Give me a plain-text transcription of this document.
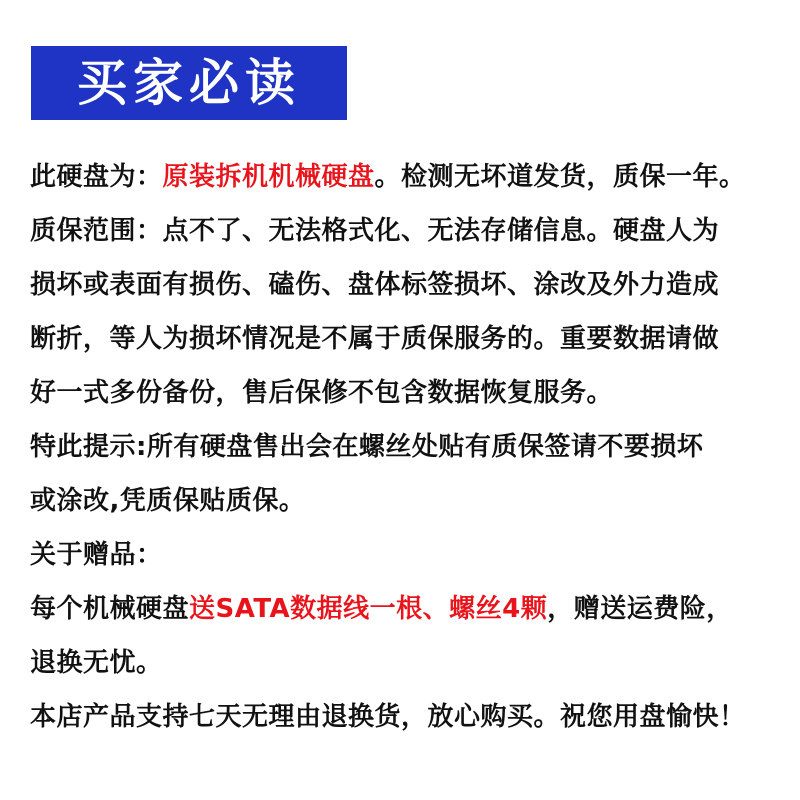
买家必读
此硬盘为：原装拆机机械硬盘。检测无坏道发货，质保一年。
质保范围：点不了、无法格式化、无法存储信息。硬盘人为
损坏或表面有损伤、磕伤、盘体标签损坏、涂改及外力造成
断折，等人为损坏情况是不属于质保服务的。重要数据请做
好一式多份备份，售后保修不包含数据恢复服务。
特此提示:所有硬盘售出会在螺丝处贴有质保签请不要损坏
或涂改,凭质保贴质保。
关于赠品：
每个机械硬盘送SATA数据线一根、螺丝4颗，赠送运费险，
退换无忧。
本店产品支持七天无理由退换货，放心购买。祝您用盘愉快！
